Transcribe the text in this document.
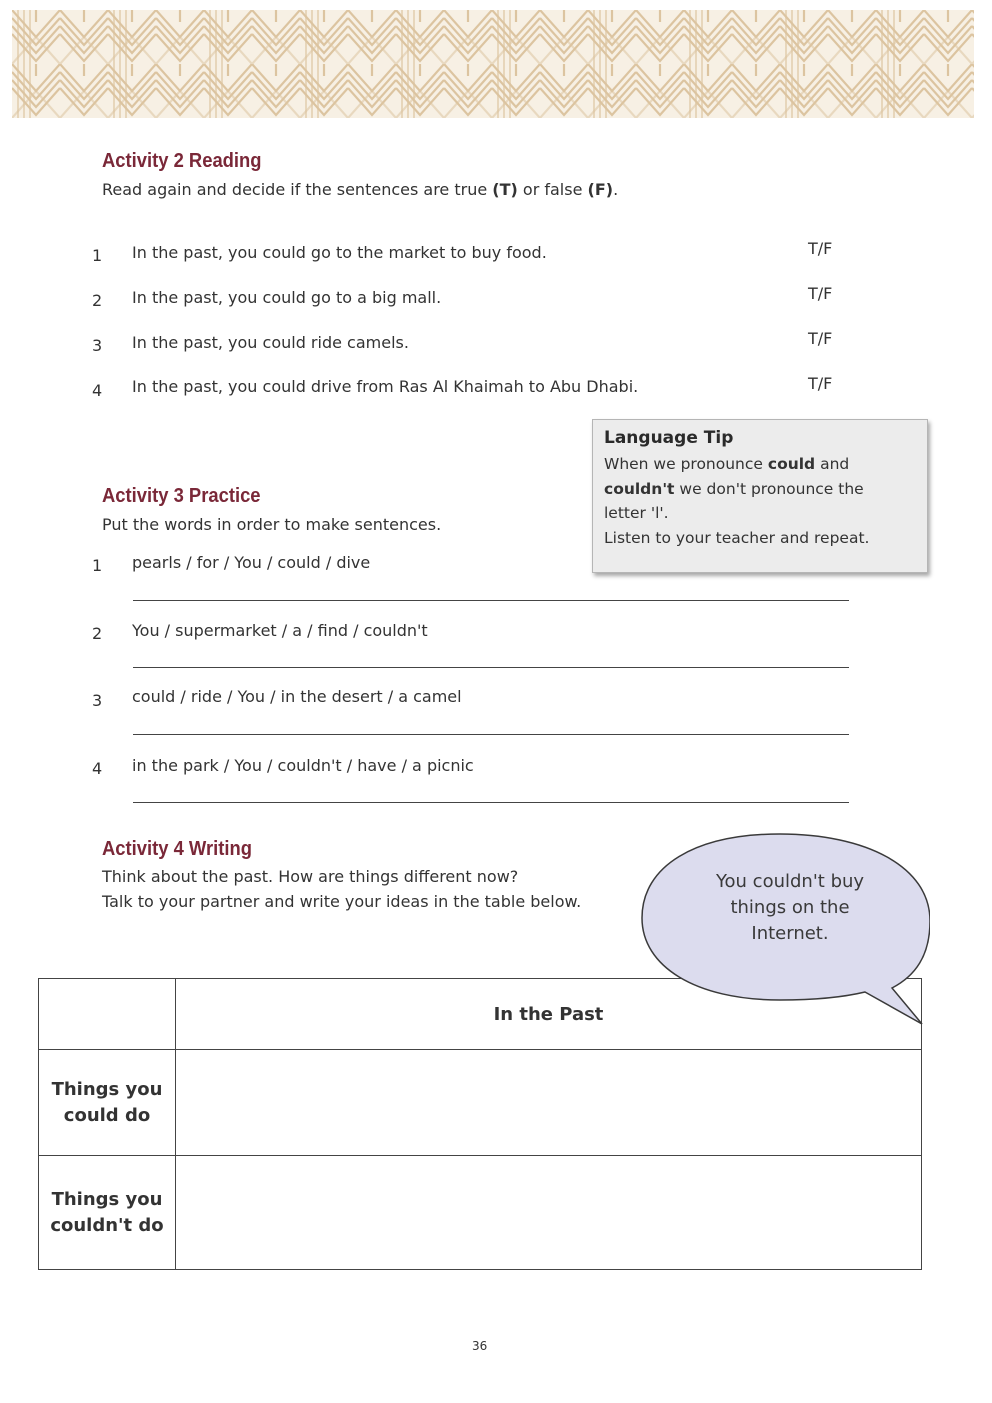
Activity 2 Reading

Read again and decide if the sentences are true (T) or false (F).

1 In the past, you could go to the market to buy food.	T/F
2 In the past, you could go to a big mall.	T/F
3 In the past, you could ride camels.	T/F
4 In the past, you could drive from Ras Al Khaimah to Abu Dhabi.	T/F
Language Tip
When we pronounce could and
couldn't we don't pronounce the
letter 'l'.
Listen to your teacher and repeat.
Activity 3 Practice

Put the words in order to make sentences.

1 pearls / for / You / could / dive
2 You / supermarket / a / find / couldn't
3 could / ride / You / in the desert / a camel
4 in the park / You / couldn't / have / a picnic
Activity 4 Writing

Think about the past. How are things different now?

Talk to your partner and write your ideas in the table below.

	In the Past
Things you
could do	
Things you
couldn't do	
You couldn't buy
things on the
Internet.
36
